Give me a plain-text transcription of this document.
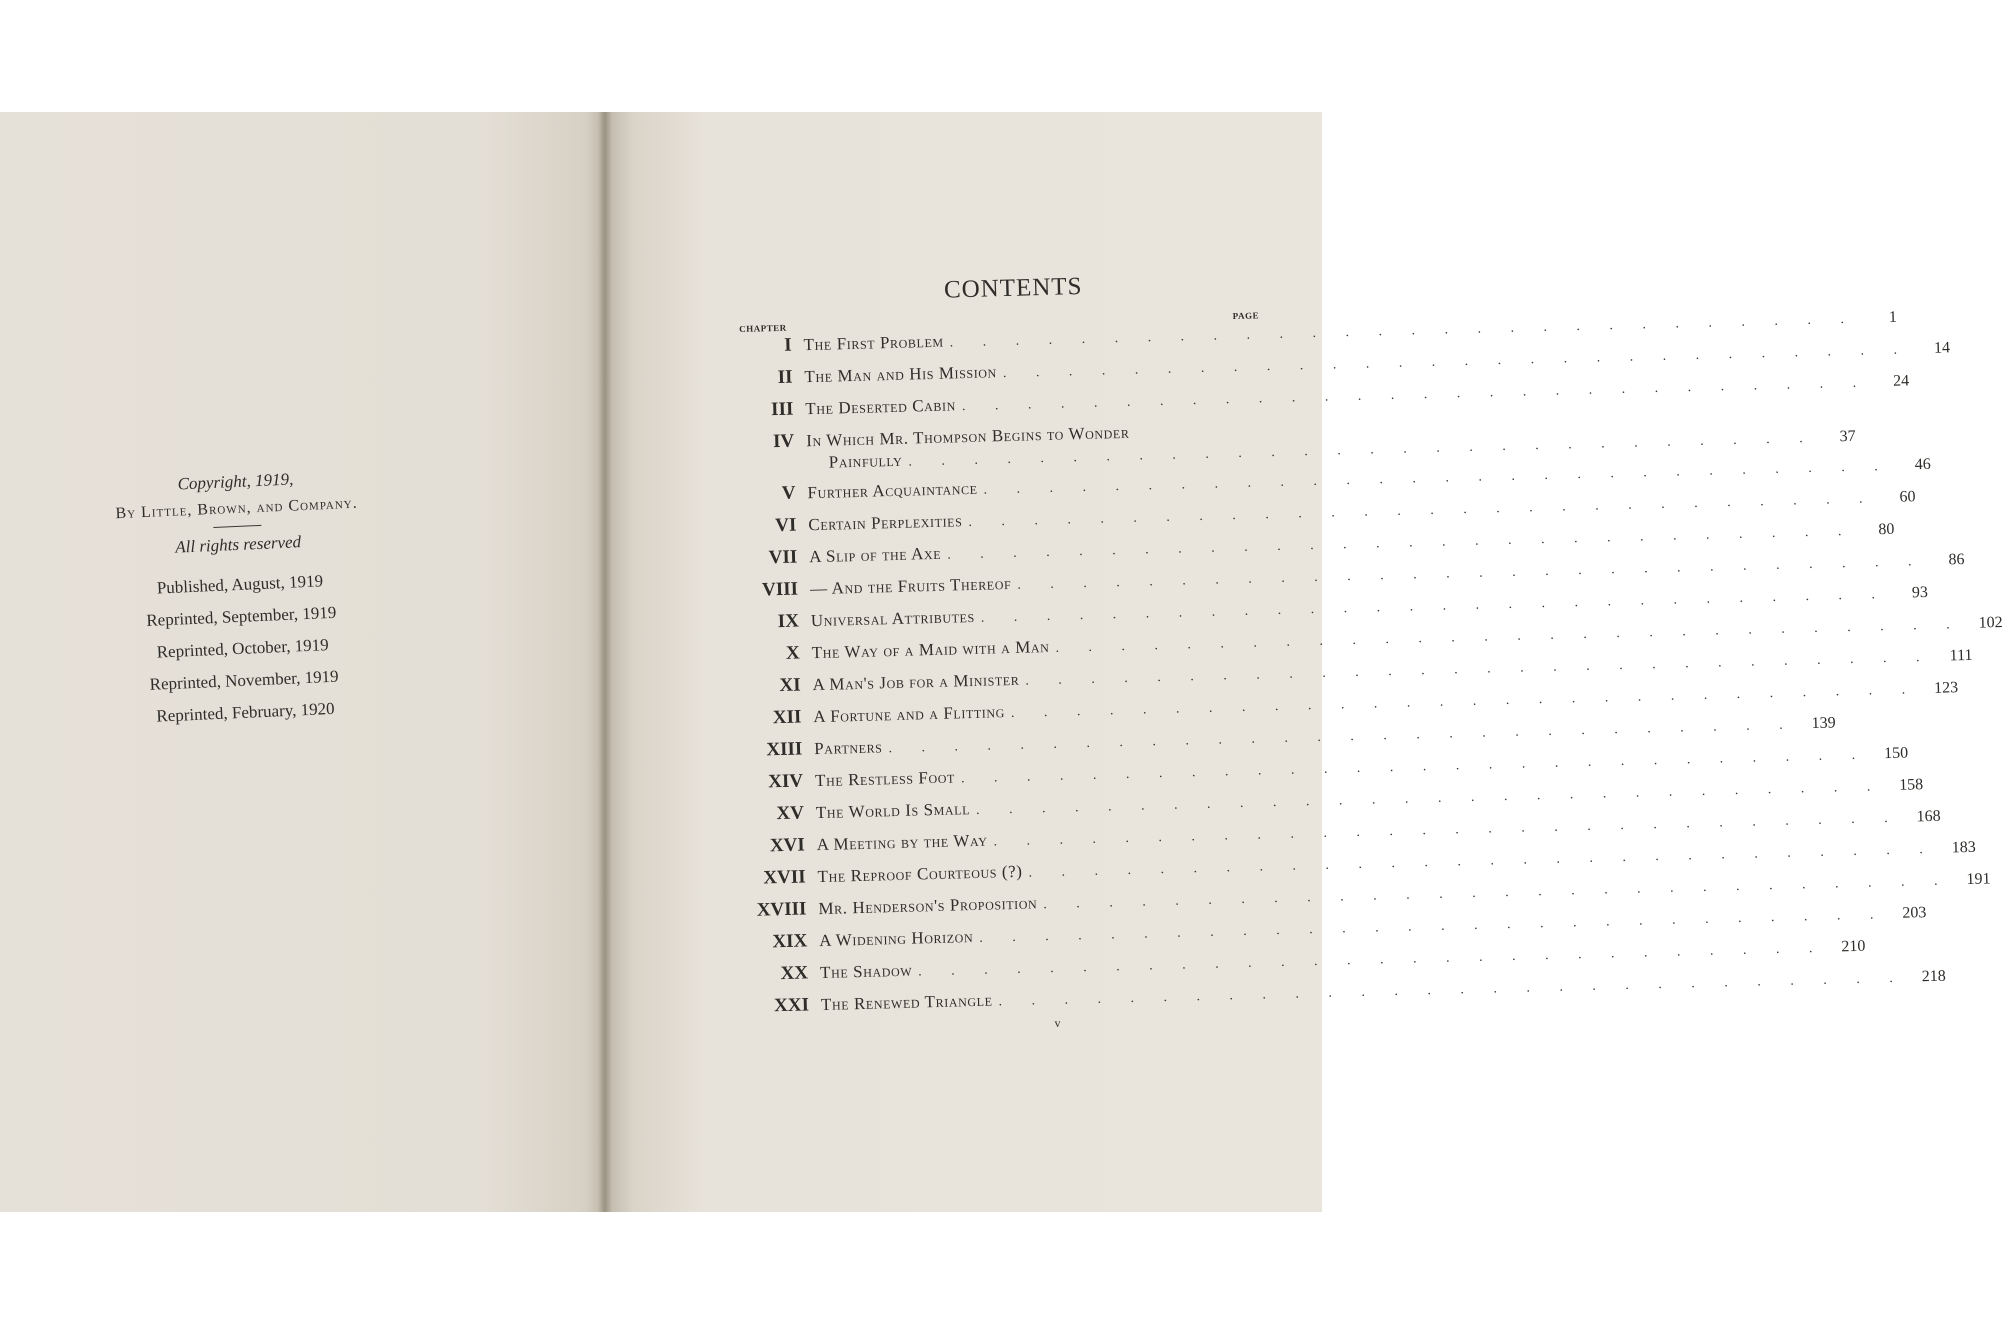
Copyright, 1919,
By Little, Brown, and Company.
All rights reserved
Published, August, 1919
Reprinted, September, 1919
Reprinted, October, 1919
Reprinted, November, 1919
Reprinted, February, 1920
CONTENTS
CHAPTER
PAGE
I The First Problem
. . .
1
II The Man and His Mission
. . .
14
III The Deserted Cabin
. . .
24
IV In Which Mr. Thompson Begins to Wonder
Painfully
. . .
37
V Further Acquaintance
. . .
46
VI Certain Perplexities
. . .
60
VII A Slip of the Axe
. . .
80
VIII — And the Fruits Thereof
. . .
86
IX Universal Attributes
. . .
93
X The Way of a Maid with a Man
. . .
102
XI A Man's Job for a Minister
. . .
111
XII A Fortune and a Flitting
. . .
123
XIII Partners
. . .
139
XIV The Restless Foot
. . .
150
XV The World Is Small
. . .
158
XVI A Meeting by the Way
. . .
168
XVII The Reproof Courteous (?)
. . .
183
XVIII Mr. Henderson's Proposition
. . .
191
XIX A Widening Horizon
. . .
203
XX The Shadow
. . .
210
XXI The Renewed Triangle
. . .
218
v
